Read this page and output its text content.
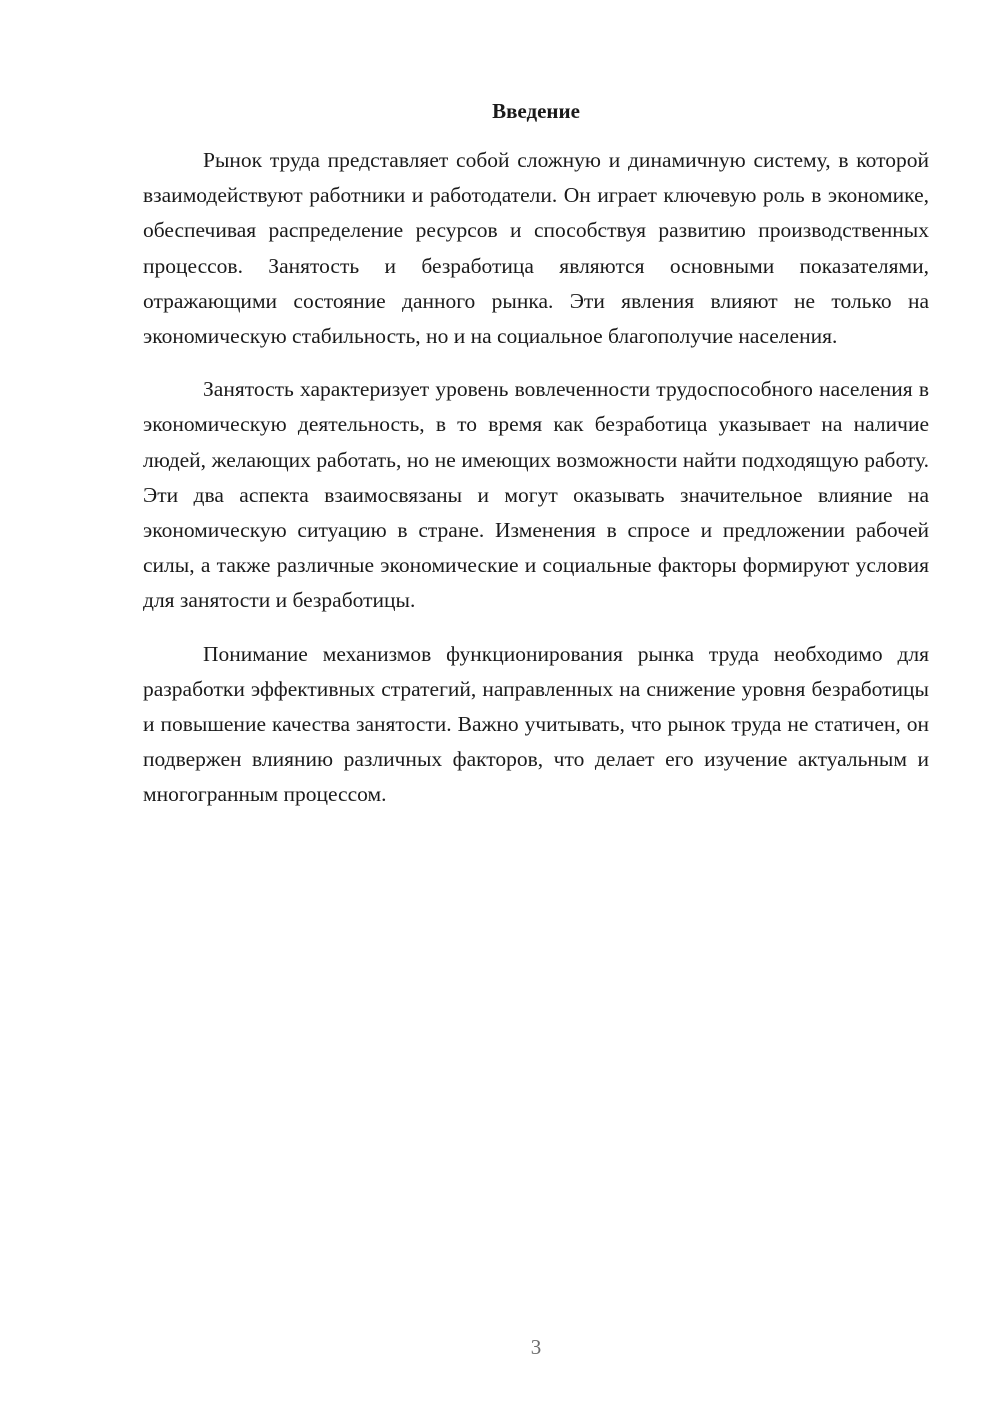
Введение

Рынок труда представляет собой сложную и динамичную систему, в которой взаимодействуют работники и работодатели. Он играет ключевую роль в экономике, обеспечивая распределение ресурсов и способствуя развитию производственных процессов. Занятость и безработица являются основными показателями, отражающими состояние данного рынка. Эти явления влияют не только на экономическую стабильность, но и на социальное благополучие населения.

Занятость характеризует уровень вовлеченности трудоспособного населения в экономическую деятельность, в то время как безработица указывает на наличие людей, желающих работать, но не имеющих возможности найти подходящую работу. Эти два аспекта взаимосвязаны и могут оказывать значительное влияние на экономическую ситуацию в стране. Изменения в спросе и предложении рабочей силы, а также различные экономические и социальные факторы формируют условия для занятости и безработицы.

Понимание механизмов функционирования рынка труда необходимо для разработки эффективных стратегий, направленных на снижение уровня безработицы и повышение качества занятости. Важно учитывать, что рынок труда не статичен, он подвержен влиянию различных факторов, что делает его изучение актуальным и многогранным процессом.

3
